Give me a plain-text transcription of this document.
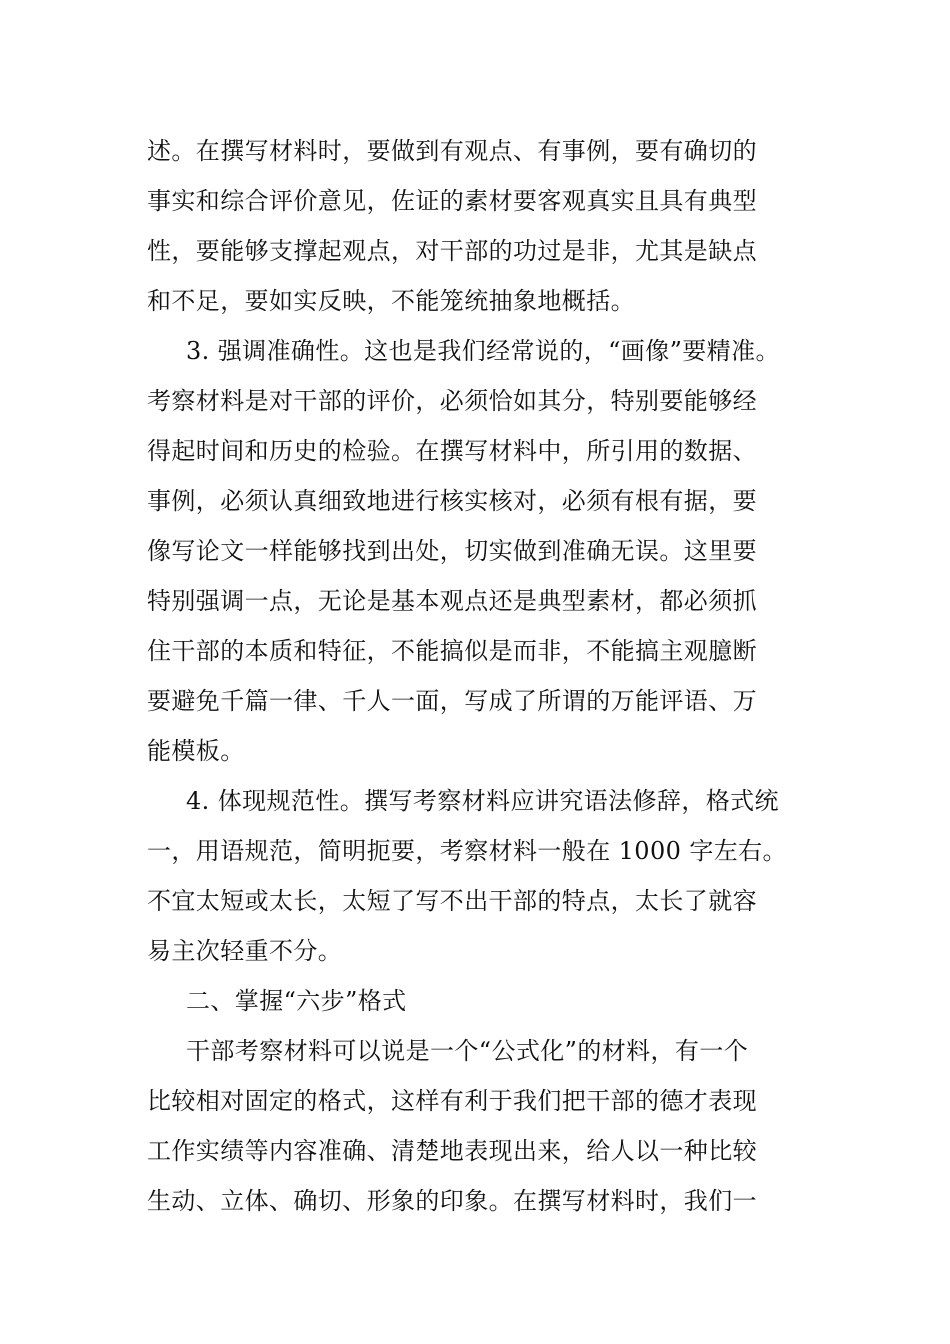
述。在撰写材料时，要做到有观点、有事例，要有确切的
事实和综合评价意见，佐证的素材要客观真实且具有典型
性，要能够支撑起观点，对干部的功过是非，尤其是缺点
和不足，要如实反映，不能笼统抽象地概括。
3. 强调准确性。这也是我们经常说的，“画像”要精准。
考察材料是对干部的评价，必须恰如其分，特别要能够经
得起时间和历史的检验。在撰写材料中，所引用的数据、
事例，必须认真细致地进行核实核对，必须有根有据，要
像写论文一样能够找到出处，切实做到准确无误。这里要
特别强调一点，无论是基本观点还是典型素材，都必须抓
住干部的本质和特征，不能搞似是而非，不能搞主观臆断
要避免千篇一律、千人一面，写成了所谓的万能评语、万
能模板。
4. 体现规范性。撰写考察材料应讲究语法修辞，格式统
一，用语规范，简明扼要，考察材料一般在 1000 字左右。
不宜太短或太长，太短了写不出干部的特点，太长了就容
易主次轻重不分。
二、掌握“六步”格式
干部考察材料可以说是一个“公式化”的材料，有一个
比较相对固定的格式，这样有利于我们把干部的德才表现
工作实绩等内容准确、清楚地表现出来，给人以一种比较
生动、立体、确切、形象的印象。在撰写材料时，我们一
